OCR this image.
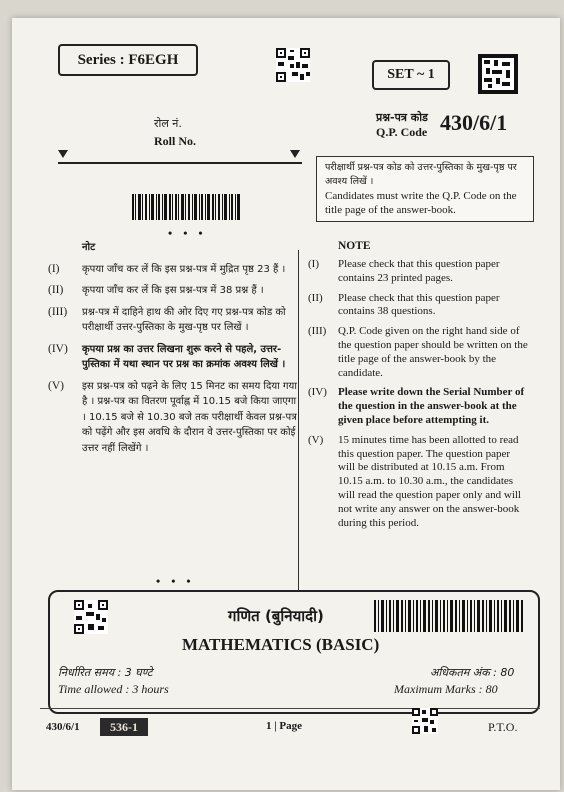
Series : F6EGH
SET ~ 1
रोल नं.
Roll No.
प्रश्न-पत्र कोड
Q.P. Code 430/6/1
परीक्षार्थी प्रश्न-पत्र कोड को उत्तर-पुस्तिका के मुख-पृष्ठ पर अवश्य लिखें ।
Candidates must write the Q.P. Code on the title page of the answer-book.
• • •
नोट
(I) कृपया जाँच कर लें कि इस प्रश्न-पत्र में मुद्रित पृष्ठ 23 हैं ।
(II) कृपया जाँच कर लें कि इस प्रश्न-पत्र में 38 प्रश्न हैं ।
(III) प्रश्न-पत्र में दाहिने हाथ की ओर दिए गए प्रश्न-पत्र कोड को परीक्षार्थी उत्तर-पुस्तिका के मुख-पृष्ठ पर लिखें ।
(IV) कृपया प्रश्न का उत्तर लिखना शुरू करने से पहले, उत्तर-पुस्तिका में यथा स्थान पर प्रश्न का क्रमांक अवश्य लिखें ।
(V) इस प्रश्न-पत्र को पढ़ने के लिए 15 मिनट का समय दिया गया है । प्रश्न-पत्र का वितरण पूर्वाह्न में 10.15 बजे किया जाएगा । 10.15 बजे से 10.30 बजे तक परीक्षार्थी केवल प्रश्न-पत्र को पढ़ेंगे और इस अवधि के दौरान वे उत्तर-पुस्तिका पर कोई उत्तर नहीं लिखेंगे ।
NOTE
(I) Please check that this question paper contains 23 printed pages.
(II) Please check that this question paper contains 38 questions.
(III) Q.P. Code given on the right hand side of the question paper should be written on the title page of the answer-book by the candidate.
(IV) Please write down the Serial Number of the question in the answer-book at the given place before attempting it.
(V) 15 minutes time has been allotted to read this question paper. The question paper will be distributed at 10.15 a.m. From 10.15 a.m. to 10.30 a.m., the candidates will read the question paper only and will not write any answer on the answer-book during this period.
• • •
गणित (बुनियादी)
MATHEMATICS (BASIC)
निर्धारित समय : 3 घण्टे
Time allowed : 3 hours
अधिकतम अंक : 80
Maximum Marks : 80
430/6/1	536-1	1 | Page	P.T.O.
